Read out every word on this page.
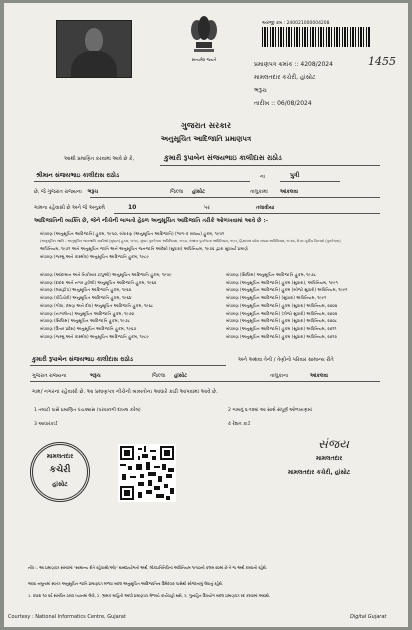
સત્યમેવ જયતે
અરજી ક્રમ : 240021000004208
પ્રમાણપત્ર ક્રમાંક :: 4208/2024	1455
મામલતદાર કચેરી, હાંસોટ
ભરૂચ
તારીખ :: 06/08/2024
ગુજરાત સરકાર
અનુસૂચિત આદિજાતિ પ્રમાણપત્ર
આથી પ્રમાણિત કરવામાં આવે છે કે,	કુમારી રૂપાબેન સંજયભાઇ કાલીદાસ રાઠોડ
શ્રીમાન સંજયભાઇ કાલીદાસ રાઠોડ	ના	પુત્રી
છે, જે ગુજરાત રાજ્યના ભરૂચ	જિલ્લા હાંસોટ	તાલુકામાં આંકલવા
ગામના રહેવાસી છે અને જે અનુક્રમે	10	પર	તલાવીયા
આદિજાતિની વ્યક્તિ છે, જેને નીચેની બાબતો હેઠળ અનુસૂચિત આદિજાતિ તરીકે ઓળખવામાં આવે છે :-
બંધારણ (અનુસૂચિત આદિજાતિ) હુકમ, ૧૯૫૦, બંધારણ (અનુસૂચિત આદિજાતિ) (ભાગ-ક રાજ્ય) હુકમ, ૧૯૫૧
(અનુસૂચિત જાતિ - અનુસૂચિત જનજાતિ યાદીઓ (સુધારા) હુકમ, ૧૯૫૬, મુંબઇ પુનર્રચના અધિનિયમ, ૧૯૬૦, પંજાબ પુનર્રચના અધિનિયમ, ૧૯૬૬, હિમાચલ પ્રદેશ રાજ્ય અધિનિયમ, ૧૯૭૦, ઉત્તર-પૂર્વીય વિસ્તારો (પુનર્રચના)
અધિનિયમ, ૧૯૭૧ અને અનુસૂચિત જાતિ અને અનુસૂચિત જનજાતિ આદેશો (સુધારા) અધિનિયમ, ૧૯૭૬ દ્વારા સુધાર્યા પ્રમાણે
બંધારણ (જમ્મુ અને કાશ્મીર) અનુસૂચિત આદિજાતિ હુકમ, ૧૯૮૯
બંધારણ (આંદામાન અને નિકોબાર ટાપુઓ) અનુસૂચિત આદિજાતિ હુકમ, ૧૯૫૯
બંધારણ (દાદરા અને નગર હવેલી) અનુસૂચિત આદિજાતિ હુકમ, ૧૯૬૨
બંધારણ (લક્ષદ્વીપ) અનુસૂચિત આદિજાતિ હુકમ, ૧૯૬૨
બંધારણ (પોંડિચેરી) અનુસૂચિત આદિજાતિ હુકમ, ૧૯૬૪
બંધારણ (ગોવા, દમણ અને દીવ) અનુસૂચિત આદિજાતિ હુકમ, ૧૯૬૮
બંધારણ (નાગાલેન્ડ) અનુસૂચિત આદિજાતિ હુકમ, ૧૯૭૦
બંધારણ (સિક્કિમ) અનુસૂચિત આદિજાતિ હુકમ, ૧૯૭૮
બંધારણ (ઉત્તર પ્રદેશ) અનુસૂચિત આદિજાતિ હુકમ, ૧૯૬૭
બંધારણ (જમ્મુ અને કાશ્મીર) અનુસૂચિત આદિજાતિ હુકમ, ૧૯૮૯
બંધારણ (સિક્કિમ) અનુસૂચિત આદિજાતિ હુકમ, ૧૯૭૮
બંધારણ (અનુસૂચિત આદિજાતિ) હુકમ (સુધારા), અધિનિયમ, ૧૯૯૧
બંધારણ (અનુસૂચિત આદિજાતિ) હુકમ (બીજો સુધારો) અધિનિયમ, ૧૯૯૧
બંધારણ (અનુસૂચિત આદિજાતિ) (સુધારા) અધિનિયમ, ૧૯૯૧
બંધારણ (અનુસૂચિત આદિજાતિ) હુકમ (સુધારા) અધિનિયમ, ૨૦૦૨
બંધારણ (અનુસૂચિત આદિજાતિ) (ત્રીજો સુધારો) અધિનિયમ, ૨૦૦૨
બંધારણ (અનુસૂચિત આદિજાતિ) હુકમ (સુધારા) અધિનિયમ, ૨૦૦૮
બંધારણ (અનુસૂચિત આદિજાતિ) હુકમ (સુધારા) અધિનિયમ, ૨૦૧૧
બંધારણ (અનુસૂચિત આદિજાતિ) હુકમ (સુધારા) અધિનિયમ, ૨૦૧૨
કુમારી રૂપાબેન સંજયભાઇ કાલીદાસ રાઠોડ	અને અથવા તેની / તેણીનો પરિવાર સામાન્ય રીતે
ગુજરાત રાજ્યના	ભરૂચ	જિલ્લા હાંસોટ	તાલુકાના	આંકલવા
ગામ/ નગરનાં રહેવાસી છે. આ પ્રમાણપત્ર નીચેની બાબતોના આધારે કાઢી આપવામાં આવે છે.
1 તલાટી પાસે પ્રમાણિત પંચક્યાસ (પરવાનગી દાખલ કરેલ)	2 ગામનું ૬-૧૨માં આ સાથે સંપૂર્ણ ઓળખાણમાં
3 આધારકાર્ડ	4 રેશન કાર્ડ
મામલતદાર
કચેરી
હાંસોટ
સંજય
મામલતદાર
મામલતદાર કચેરી, હાંસોટ
નોંધ :- આ પ્રમાણપત્ર સંબંધમાં "સામાન્ય રીતે રહેવાસી(ઓ)" શબ્દપ્રયોગનો અર્થ, લોકપ્રતિનિધિત્વ અધિનિયમ ૧૯૫૦ની કલમ ૨૦માં છે તે જ અર્થ કરવાનો રહેશે.
આવા નમૂનામાં સ્વતંત્ર અનુસૂચિત જાતિ પ્રમાણપત્ર મળવા બદલ અનુસૂચિત આદિજાતિના ઉમેદવાર પાસેથી સોગંદનામું લેવાનું રહેશે.
1. વધારા ૧૦ વર્ષ સંબંધિત ઠરાવ ધ્યાનમાં લેવો, 2. ભ્રામક માહિતી આપી પ્રમાણપત્ર મેળવ્યે કાર્યવાહી થશે, 3. ગુનાહિત ઉપયોગ બદલ પ્રમાણપત્ર રદ કરવામાં આવશે.
Courtesy : National Informatics Centre, Gujarat	Digital Gujarat
